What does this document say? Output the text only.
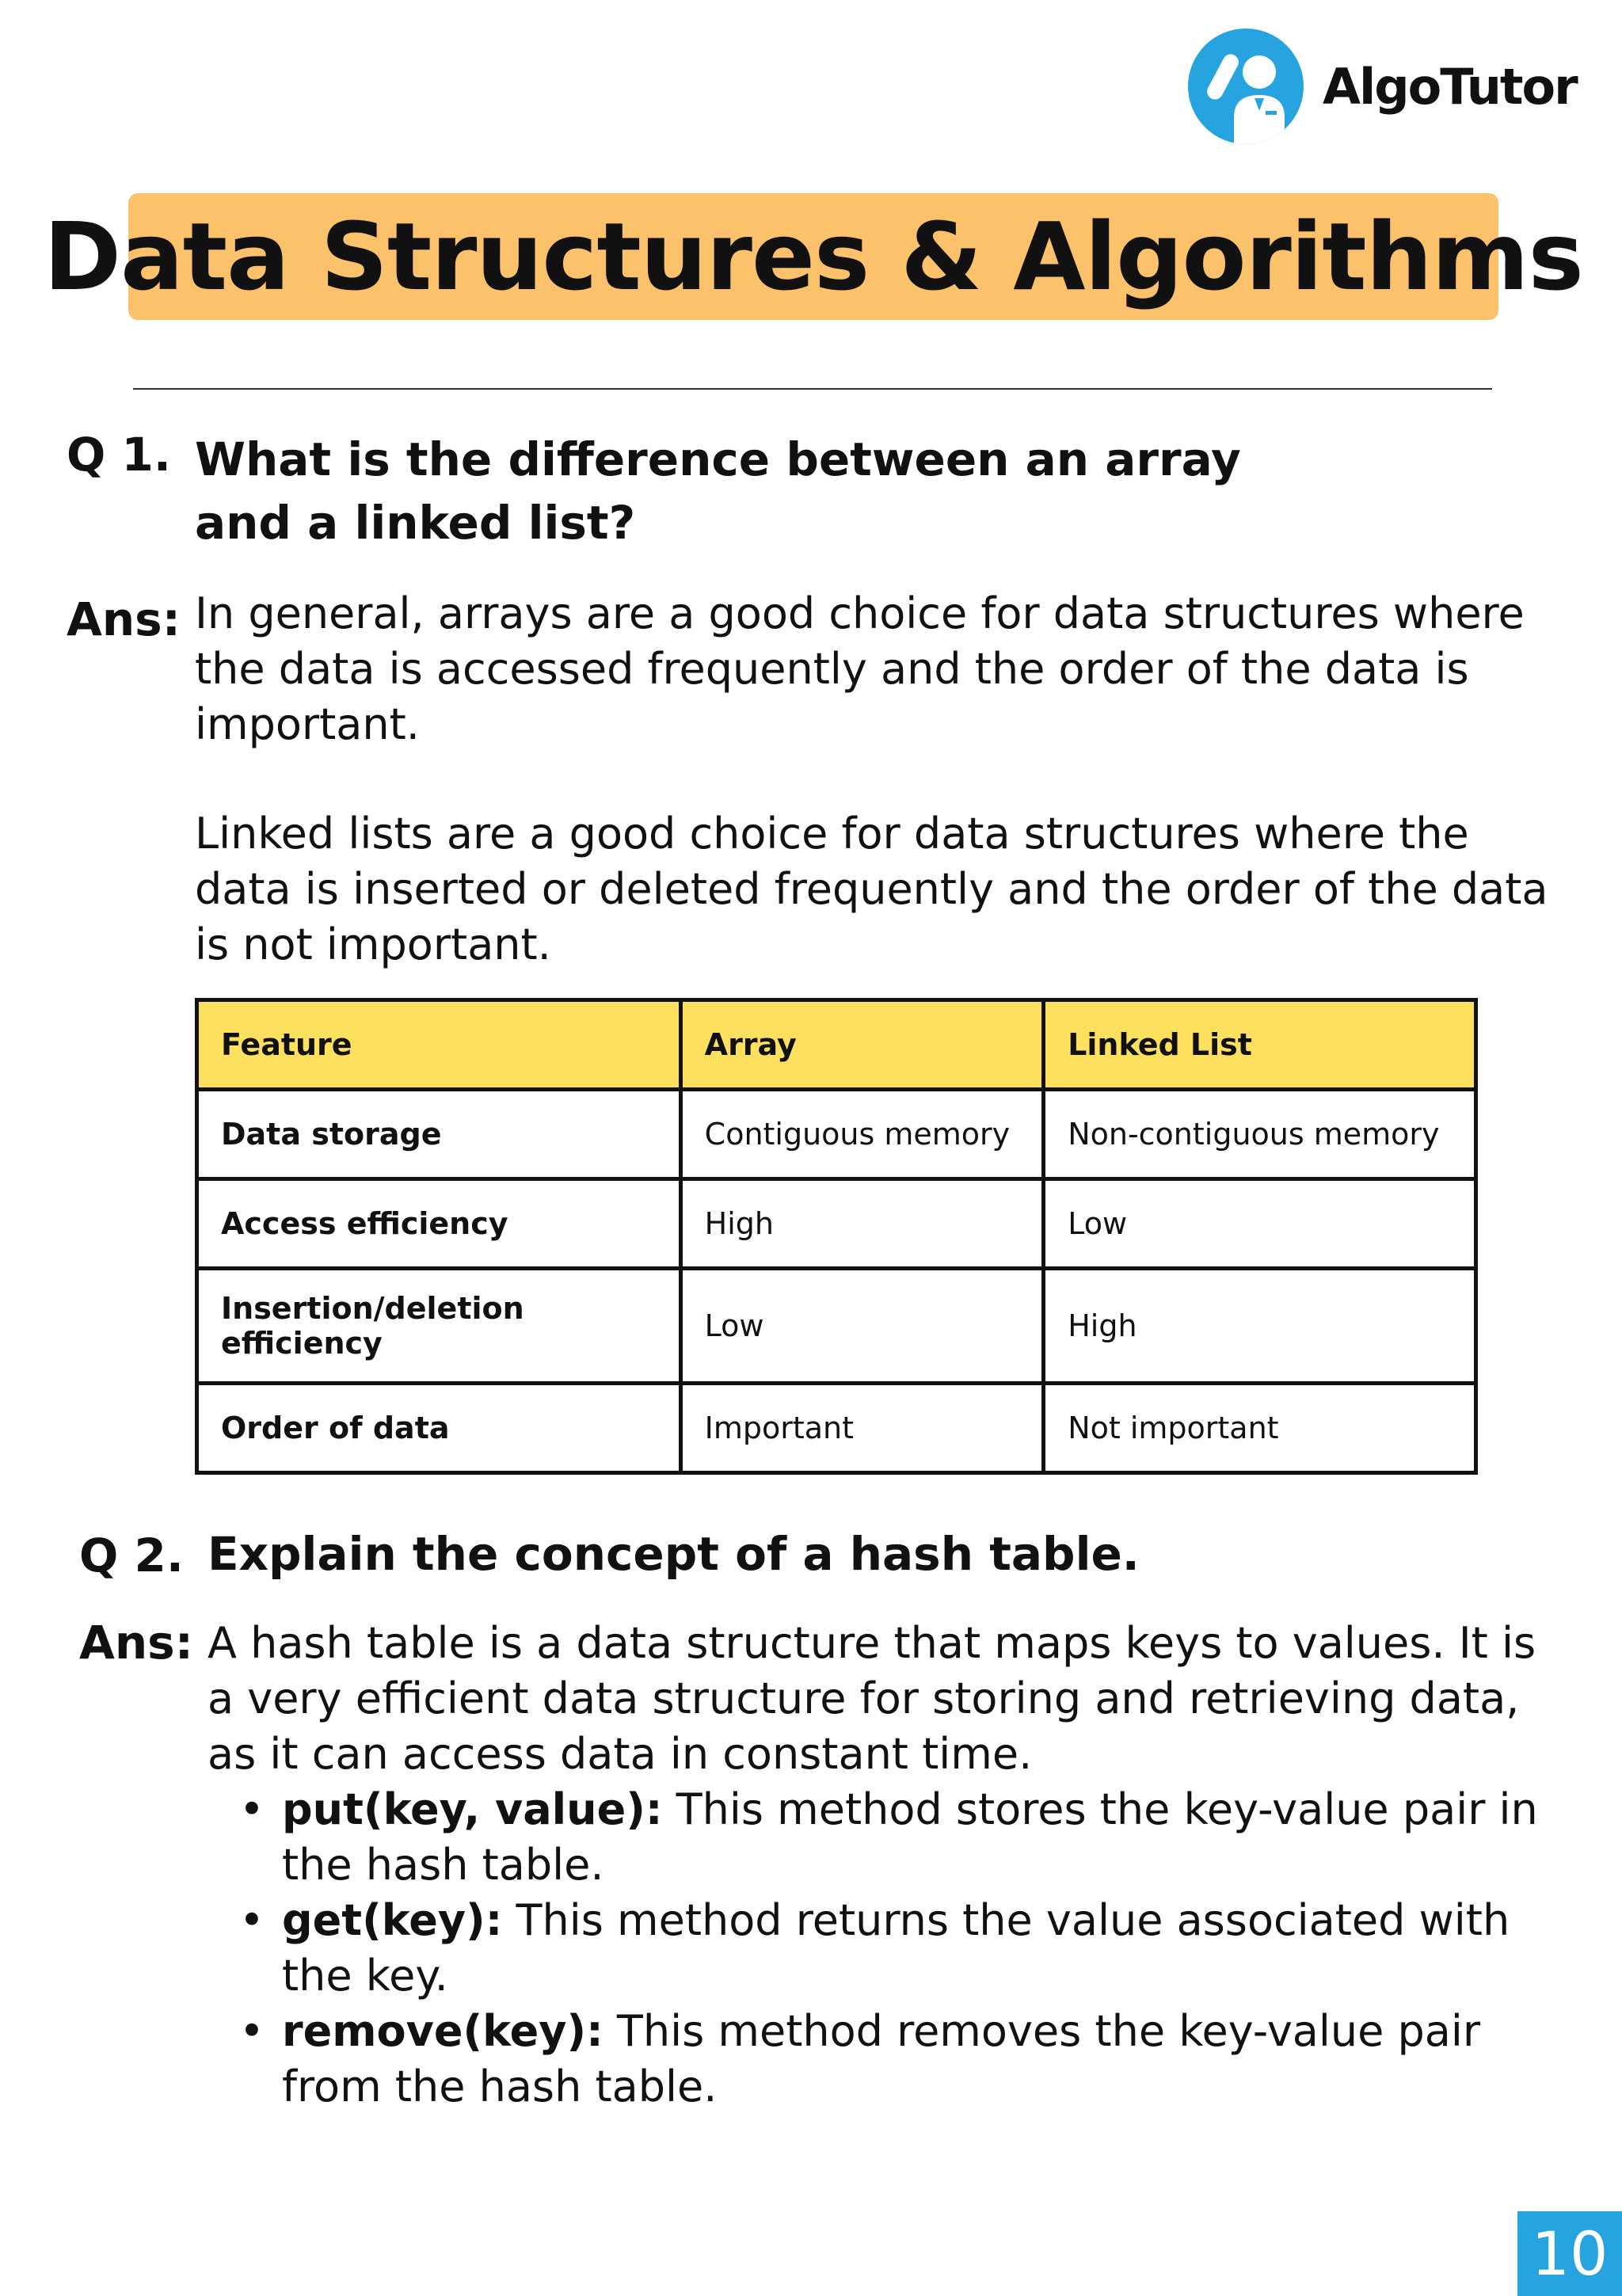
AlgoTutor
Data Structures & Algorithms
Q 1. What is the difference between an array
and a linked list?
Ans: In general, arrays are a good choice for data structures where the data is accessed frequently and the order of the data is important.
Linked lists are a good choice for data structures where the data is inserted or deleted frequently and the order of the data is not important.
Feature	Array	Linked List
Data storage	Contiguous memory	Non-contiguous memory
Access efficiency	High	Low
Insertion/deletion efficiency	Low	High
Order of data	Important	Not important
Q 2. Explain the concept of a hash table.
Ans: A hash table is a data structure that maps keys to values. It is a very efficient data structure for storing and retrieving data, as it can access data in constant time.
• put(key, value): This method stores the key-value pair in the hash table.
• get(key): This method returns the value associated with the key.
• remove(key): This method removes the key-value pair from the hash table.
10
